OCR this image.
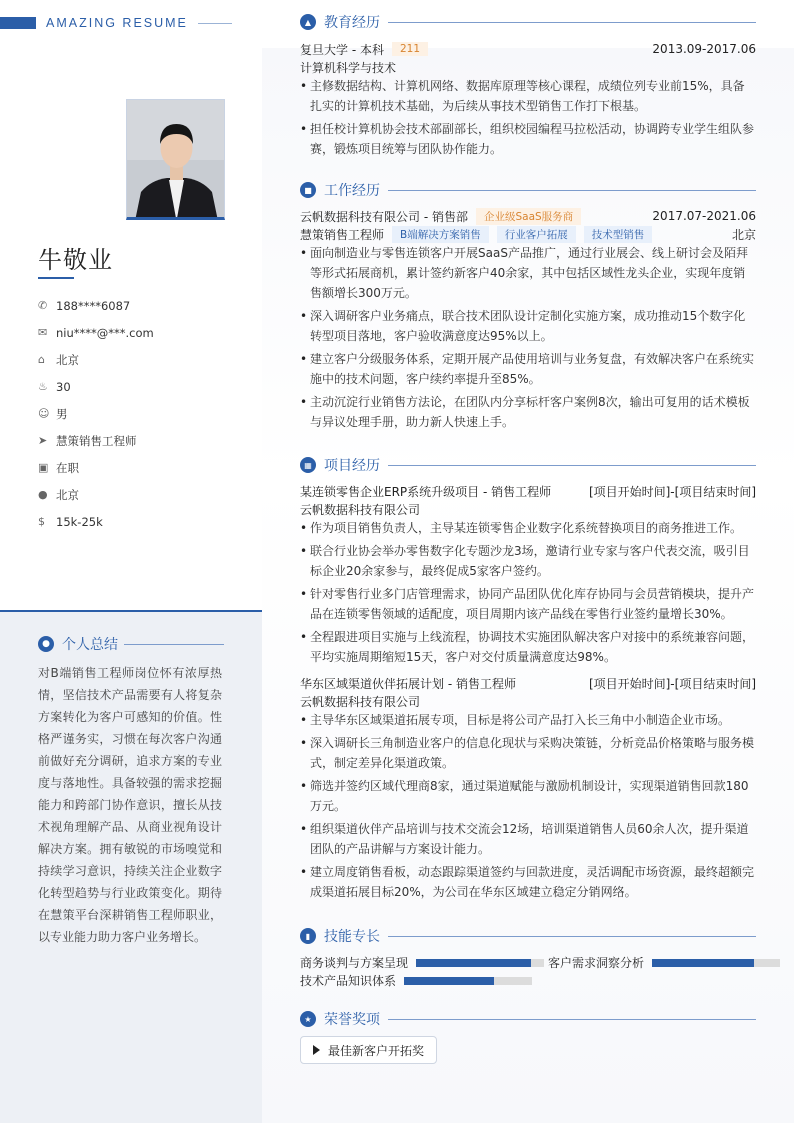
AMAZING RESUME
牛敬业
✆ 188****6087
✉ niu****@***.com
⌂ 北京
♨ 30
☺ 男
➤ 慧策销售工程师
▣ 在职
● 北京
$ 15k-25k
● 个人总结
对B端销售工程师岗位怀有浓厚热情，坚信技术产品需要有人将复杂方案转化为客户可感知的价值。性格严谨务实，习惯在每次客户沟通前做好充分调研，追求方案的专业度与落地性。具备较强的需求挖掘能力和跨部门协作意识，擅长从技术视角理解产品、从商业视角设计解决方案。拥有敏锐的市场嗅觉和持续学习意识，持续关注企业数字化转型趋势与行业政策变化。期待在慧策平台深耕销售工程师职业，以专业能力助力客户业务增长。
▲ 教育经历
复旦大学 - 本科	211	2013.09-2017.06
计算机科学与技术
• 主修数据结构、计算机网络、数据库原理等核心课程，成绩位列专业前15%，具备扎实的计算机技术基础，为后续从事技术型销售工作打下根基。
• 担任校计算机协会技术部副部长，组织校园编程马拉松活动，协调跨专业学生组队参赛，锻炼项目统筹与团队协作能力。
■ 工作经历
云帆数据科技有限公司 - 销售部	企业级SaaS服务商	2017.07-2021.06
慧策销售工程师	B端解决方案销售	行业客户拓展	技术型销售	北京
• 面向制造业与零售连锁客户开展SaaS产品推广，通过行业展会、线上研讨会及陌拜等形式拓展商机，累计签约新客户40余家，其中包括区域性龙头企业，实现年度销售额增长300万元。
• 深入调研客户业务痛点，联合技术团队设计定制化实施方案，成功推动15个数字化转型项目落地，客户验收满意度达95%以上。
• 建立客户分级服务体系，定期开展产品使用培训与业务复盘，有效解决客户在系统实施中的技术问题，客户续约率提升至85%。
• 主动沉淀行业销售方法论，在团队内分享标杆客户案例8次，输出可复用的话术模板与异议处理手册，助力新人快速上手。
▦ 项目经历
某连锁零售企业ERP系统升级项目 - 销售工程师	[项目开始时间]-[项目结束时间]
云帆数据科技有限公司
• 作为项目销售负责人，主导某连锁零售企业数字化系统替换项目的商务推进工作。
• 联合行业协会举办零售数字化专题沙龙3场，邀请行业专家与客户代表交流，吸引目标企业20余家参与，最终促成5家客户签约。
• 针对零售行业多门店管理需求，协同产品团队优化库存协同与会员营销模块，提升产品在连锁零售领域的适配度，项目周期内该产品线在零售行业签约量增长30%。
• 全程跟进项目实施与上线流程，协调技术实施团队解决客户对接中的系统兼容问题，平均实施周期缩短15天，客户对交付质量满意度达98%。
华东区域渠道伙伴拓展计划 - 销售工程师	[项目开始时间]-[项目结束时间]
云帆数据科技有限公司
• 主导华东区域渠道拓展专项，目标是将公司产品打入长三角中小制造企业市场。
• 深入调研长三角制造业客户的信息化现状与采购决策链，分析竞品价格策略与服务模式，制定差异化渠道政策。
• 筛选并签约区域代理商8家，通过渠道赋能与激励机制设计，实现渠道销售回款180万元。
• 组织渠道伙伴产品培训与技术交流会12场，培训渠道销售人员60余人次，提升渠道团队的产品讲解与方案设计能力。
• 建立周度销售看板，动态跟踪渠道签约与回款进度，灵活调配市场资源，最终超额完成渠道拓展目标20%，为公司在华东区域建立稳定分销网络。
▮ 技能专长
商务谈判与方案呈现	客户需求洞察分析
技术产品知识体系
★ 荣誉奖项
最佳新客户开拓奖
